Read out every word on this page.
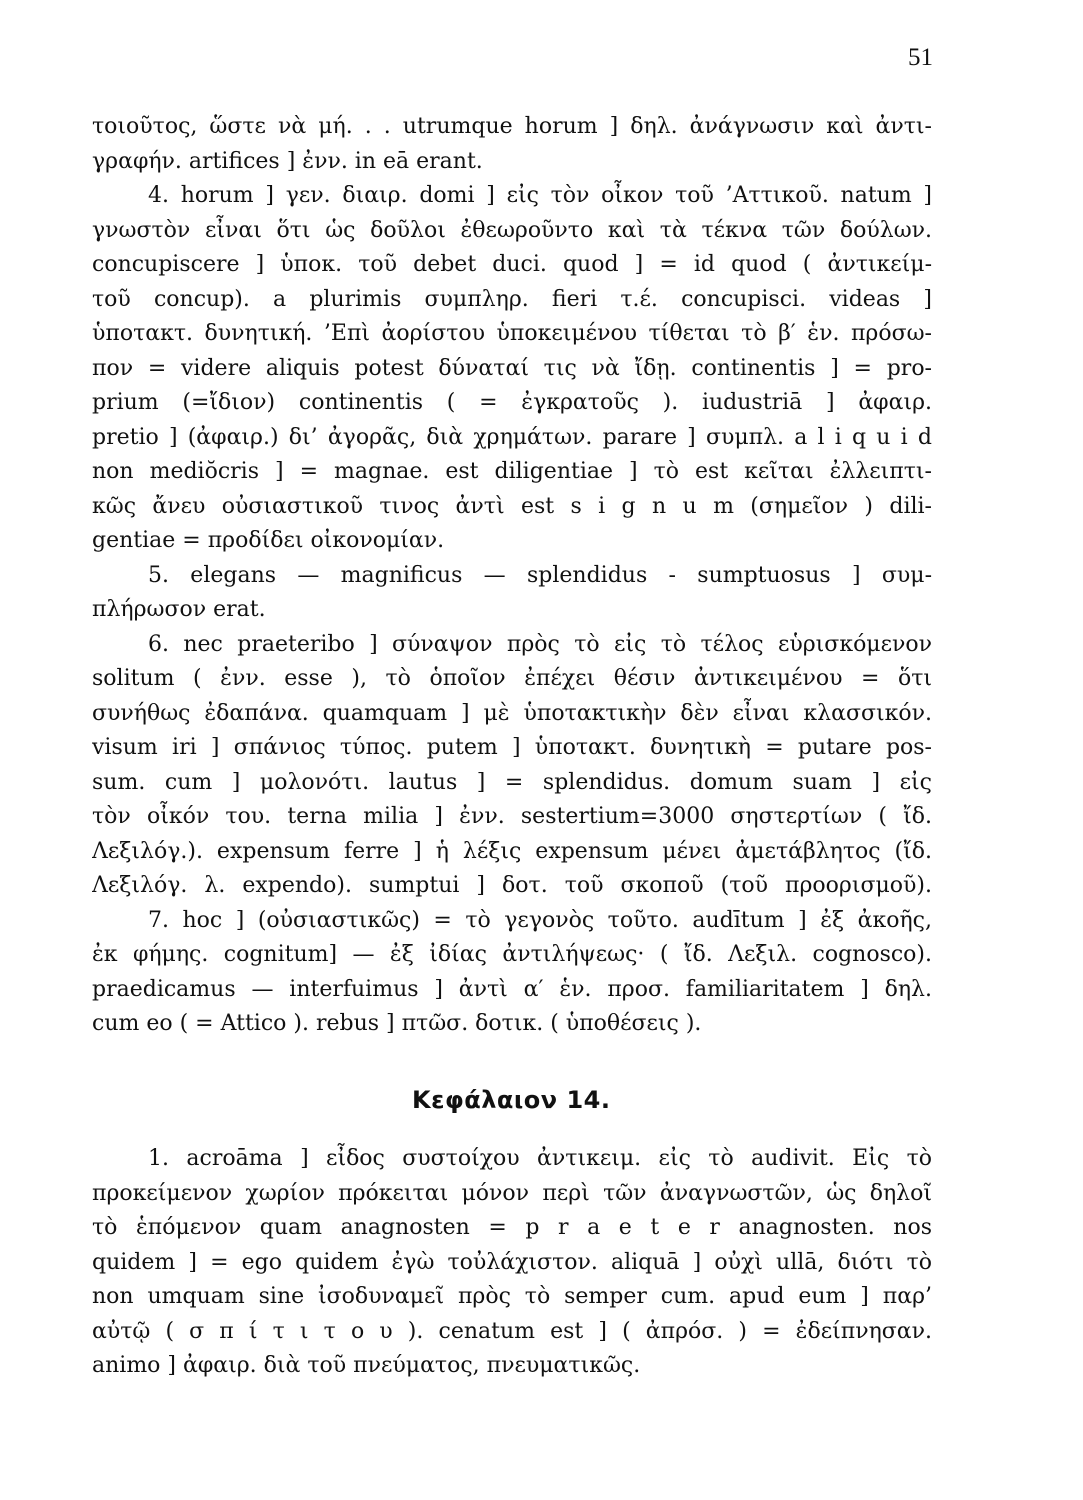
51
τοιοῦτος, ὥστε νὰ μή. . . utrumque horum ] δηλ. ἀνάγνωσιν καὶ ἀντι-
γραφήν. artifices ] ἐνν. in eā erant.
4. horum ] γεν. διαιρ. domi ] εἰς τὸν οἶκον τοῦ ’Αττικοῦ. natum ]
γνωστὸν εἶναι ὅτι ὡς δοῦλοι ἐθεωροῦντο καὶ τὰ τέκνα τῶν δούλων.
concupiscere ] ὑποκ. τοῦ debet duci. quod ] = id quod ( ἀντικείμ-
τοῦ concup). a plurimis συμπληρ. fieri τ.έ. concupisci. videas ]
ὑποτακτ. δυνητική. ’Επὶ ἀορίστου ὑποκειμένου τίθεται τὸ β′ ἑν. πρόσω-
πον = videre aliquis potest δύναταί τις νὰ ἴδῃ. continentis ] = pro-
prium (=ἴδιον) continentis ( = ἐγκρατοῦς ). iudustriā ] ἀφαιρ.
pretio ] (ἀφαιρ.) δι’ ἀγορᾶς, διὰ χρημάτων. parare ] συμπλ. a l i q u i d
non mediŏcris ] = magnae. est diligentiae ] τὸ est κεῖται ἐλλειπτι-
κῶς ἄνευ οὐσιαστικοῦ τινος ἀντὶ est s i g n u m (σημεῖον ) dili-
gentiae = προδίδει οἰκονομίαν.
5. elegans — magnificus — splendidus - sumptuosus ] συμ-
πλήρωσον erat.
6. nec praeteribo ] σύναψον πρὸς τὸ εἰς τὸ τέλος εὑρισκόμενον
solitum ( ἐνν. esse ), τὸ ὁποῖον ἐπέχει θέσιν ἀντικειμένου = ὅτι
συνήθως ἐδαπάνα. quamquam ] μὲ ὑποτακτικὴν δὲν εἶναι κλασσικόν.
visum iri ] σπάνιος τύπος. putem ] ὑποτακτ. δυνητικὴ = putare pos-
sum. cum ] μολονότι. lautus ] = splendidus. domum suam ] εἰς
τὸν οἶκόν του. terna milia ] ἐνν. sestertium=3000 σηστερτίων ( ἴδ.
Λεξιλόγ.). expensum ferre ] ἡ λέξις expensum μένει ἀμετάβλητος (ἴδ.
Λεξιλόγ. λ. expendo). sumptui ] δοτ. τοῦ σκοποῦ (τοῦ προορισμοῦ).
7. hoc ] (οὐσιαστικῶς) = τὸ γεγονὸς τοῦτο. audītum ] ἐξ ἀκοῆς,
ἐκ φήμης. cognitum] — ἐξ ἰδίας ἀντιλήψεως· ( ἴδ. Λεξιλ. cognosco).
praedicamus — interfuimus ] ἀντὶ α′ ἑν. προσ. familiaritatem ] δηλ.
cum eo ( = Attico ). rebus ] πτῶσ. δοτικ. ( ὑποθέσεις ).
Κεφάλαιον 14.
1. acroāma ] εἶδος συστοίχου ἀντικειμ. εἰς τὸ audivit. Εἰς τὸ
προκείμενον χωρίον πρόκειται μόνον περὶ τῶν ἀναγνωστῶν, ὡς δηλοῖ
τὸ ἑπόμενον quam anagnosten = p r a e t e r anagnosten. nos
quidem ] = ego quidem ἐγὼ τοὐλάχιστον. aliquā ] οὐχὶ ullā, διότι τὸ
non umquam sine ἰσοδυναμεῖ πρὸς τὸ semper cum. apud eum ] παρ’
αὐτῷ ( σ π ί τ ι τ ο υ ). cenatum est ] ( ἀπρόσ. ) = ἐδείπνησαν.
animo ] ἀφαιρ. διὰ τοῦ πνεύματος, πνευματικῶς.
